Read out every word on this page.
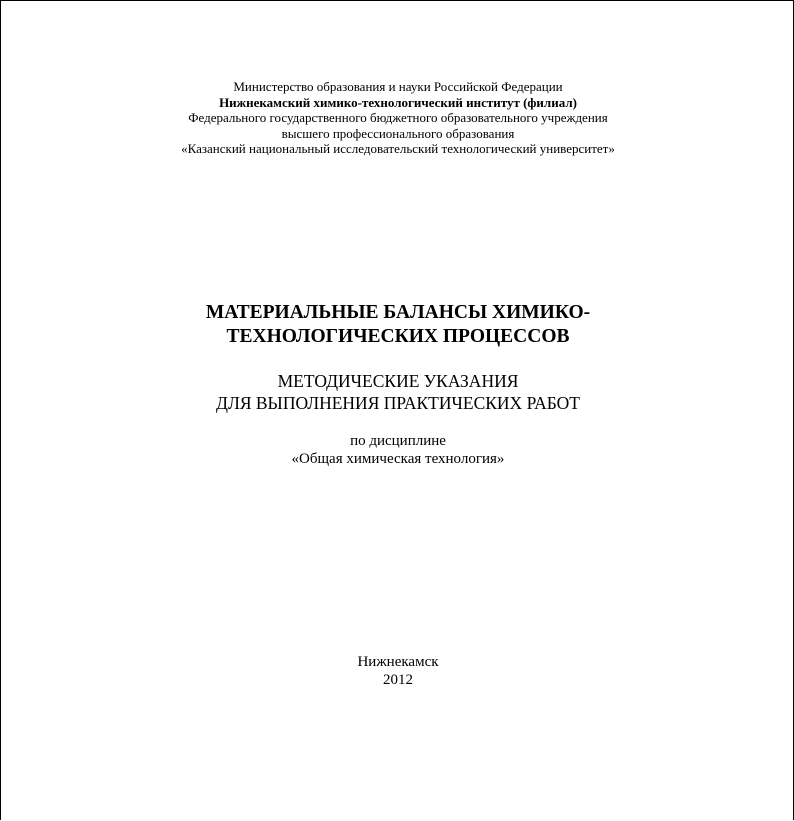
Министерство образования и науки Российской Федерации
Нижнекамский химико-технологический институт (филиал)
Федерального государственного бюджетного образовательного учреждения
высшего профессионального образования
«Казанский национальный исследовательский технологический университет»
МАТЕРИАЛЬНЫЕ БАЛАНСЫ ХИМИКО-
ТЕХНОЛОГИЧЕСКИХ ПРОЦЕССОВ
МЕТОДИЧЕСКИЕ УКАЗАНИЯ
ДЛЯ ВЫПОЛНЕНИЯ ПРАКТИЧЕСКИХ РАБОТ
по дисциплине
«Общая химическая технология»
Нижнекамск
2012
